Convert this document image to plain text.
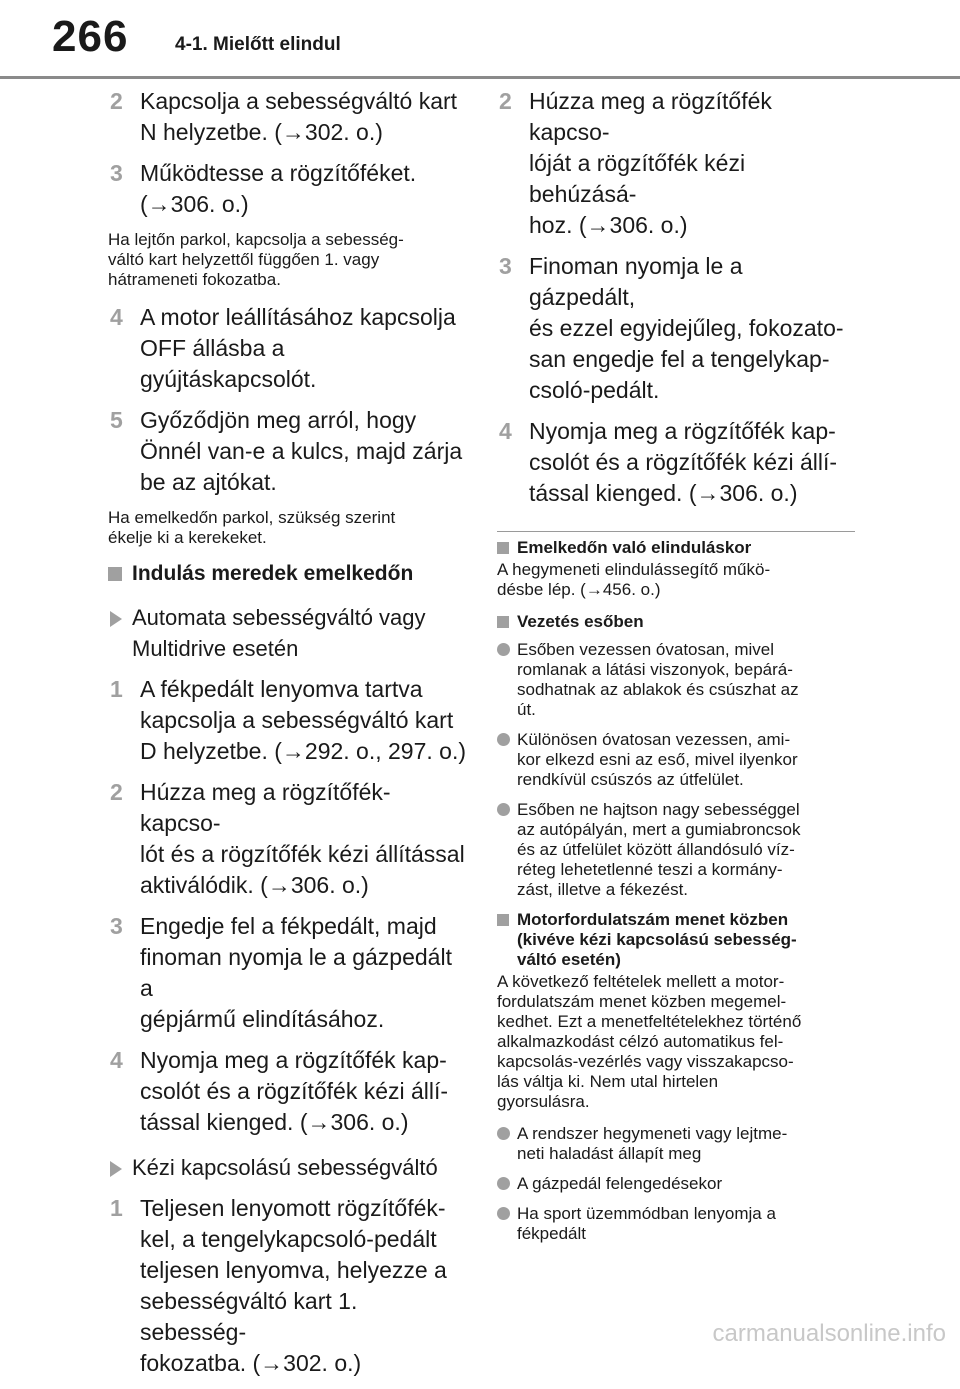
266 4-1. Mielőtt elindul
2 Kapcsolja a sebességváltó kart
N helyzetbe. (→302. o.)
3 Működtesse a rögzítőféket.
(→306. o.)
Ha lejtőn parkol, kapcsolja a sebesség-
váltó kart helyzettől függően 1. vagy
hátrameneti fokozatba.
4 A motor leállításához kapcsolja
OFF állásba a gyújtáskapcsolót.
5 Győződjön meg arról, hogy
Önnél van-e a kulcs, majd zárja
be az ajtókat.
Ha emelkedőn parkol, szükség szerint
ékelje ki a kerekeket.
Indulás meredek emelkedőn
Automata sebességváltó vagy
Multidrive esetén
1 A fékpedált lenyomva tartva
kapcsolja a sebességváltó kart
D helyzetbe. (→292. o., 297. o.)
2 Húzza meg a rögzítőfék-kapcso-
lót és a rögzítőfék kézi állítással
aktiválódik. (→306. o.)
3 Engedje fel a fékpedált, majd
finoman nyomja le a gázpedált a
gépjármű elindításához.
4 Nyomja meg a rögzítőfék kap-
csolót és a rögzítőfék kézi állí-
tással kienged. (→306. o.)
Kézi kapcsolású sebességváltó
1 Teljesen lenyomott rögzítőfék-
kel, a tengelykapcsoló-pedált
teljesen lenyomva, helyezze a
sebességváltó kart 1. sebesség-
fokozatba. (→302. o.)
2 Húzza meg a rögzítőfék kapcso-
lóját a rögzítőfék kézi behúzásá-
hoz. (→306. o.)
3 Finoman nyomja le a gázpedált,
és ezzel egyidejűleg, fokozato-
san engedje fel a tengelykap-
csoló-pedált.
4 Nyomja meg a rögzítőfék kap-
csolót és a rögzítőfék kézi állí-
tással kienged. (→306. o.)
Emelkedőn való elinduláskor
A hegymeneti elindulássegítő műkö-
désbe lép. (→456. o.)
Vezetés esőben
Esőben vezessen óvatosan, mivel
romlanak a látási viszonyok, bepárá-
sodhatnak az ablakok és csúszhat az
út.
Különösen óvatosan vezessen, ami-
kor elkezd esni az eső, mivel ilyenkor
rendkívül csúszós az útfelület.
Esőben ne hajtson nagy sebességgel
az autópályán, mert a gumiabroncsok
és az útfelület között állandósuló víz-
réteg lehetetlenné teszi a kormány-
zást, illetve a fékezést.
Motorfordulatszám menet közben
(kivéve kézi kapcsolású sebesség-
váltó esetén)
A következő feltételek mellett a motor-
fordulatszám menet közben megemel-
kedhet. Ezt a menetfeltételekhez történő
alkalmazkodást célzó automatikus fel-
kapcsolás-vezérlés vagy visszakapcso-
lás váltja ki. Nem utal hirtelen
gyorsulásra.
A rendszer hegymeneti vagy lejtme-
neti haladást állapít meg
A gázpedál felengedésekor
Ha sport üzemmódban lenyomja a
fékpedált
carmanualsonline.info
